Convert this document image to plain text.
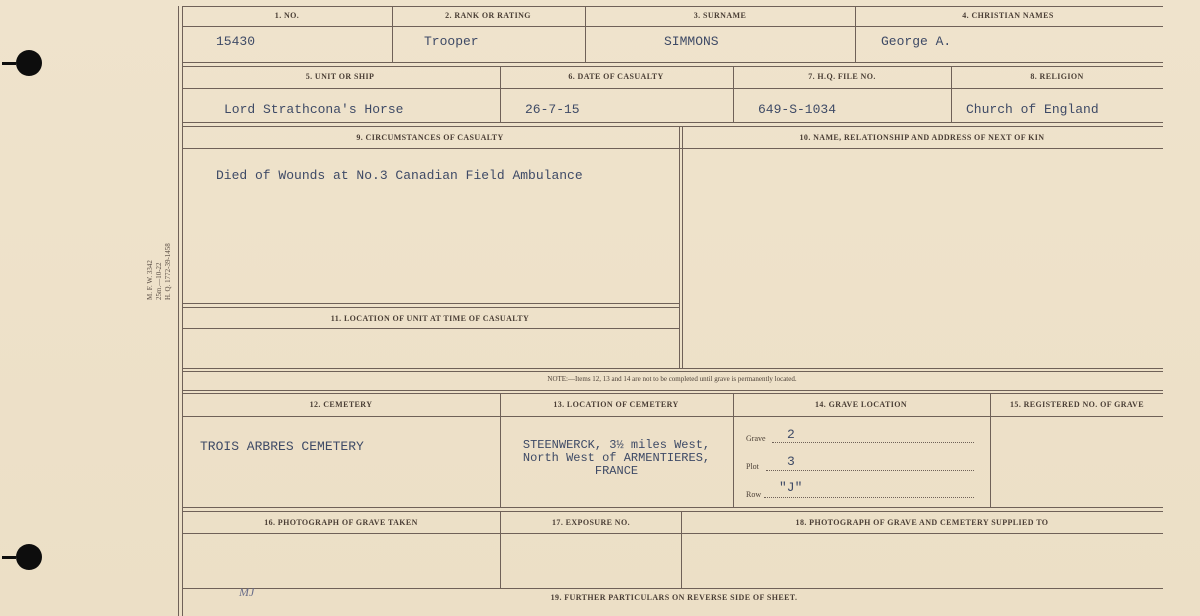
M. F. W. 3342 25m.—10-22 H. Q. 1772-39-1458
1. NO.	2. RANK OR RATING	3. SURNAME	4. CHRISTIAN NAMES
15430	Trooper	SIMMONS	George A.
5. UNIT OR SHIP	6. DATE OF CASUALTY	7. H.Q. FILE NO.	8. RELIGION
Lord Strathcona's Horse	26-7-15	649-S-1034	Church of England
9. CIRCUMSTANCES OF CASUALTY	10. NAME, RELATIONSHIP AND ADDRESS OF NEXT OF KIN
Died of Wounds at No.3 Canadian Field Ambulance
11. LOCATION OF UNIT AT TIME OF CASUALTY
NOTE:—Items 12, 13 and 14 are not to be completed until grave is permanently located.
12. CEMETERY	13. LOCATION OF CEMETERY	14. GRAVE LOCATION	15. REGISTERED NO. OF GRAVE
TROIS ARBRES CEMETERY	STEENWERCK, 3½ miles West,
North West of ARMENTIERES,
FRANCE
Grave 2
Plot 3
Row "J"
16. PHOTOGRAPH OF GRAVE TAKEN	17. EXPOSURE NO.	18. PHOTOGRAPH OF GRAVE AND CEMETERY SUPPLIED TO
MJ	19. FURTHER PARTICULARS ON REVERSE SIDE OF SHEET.
